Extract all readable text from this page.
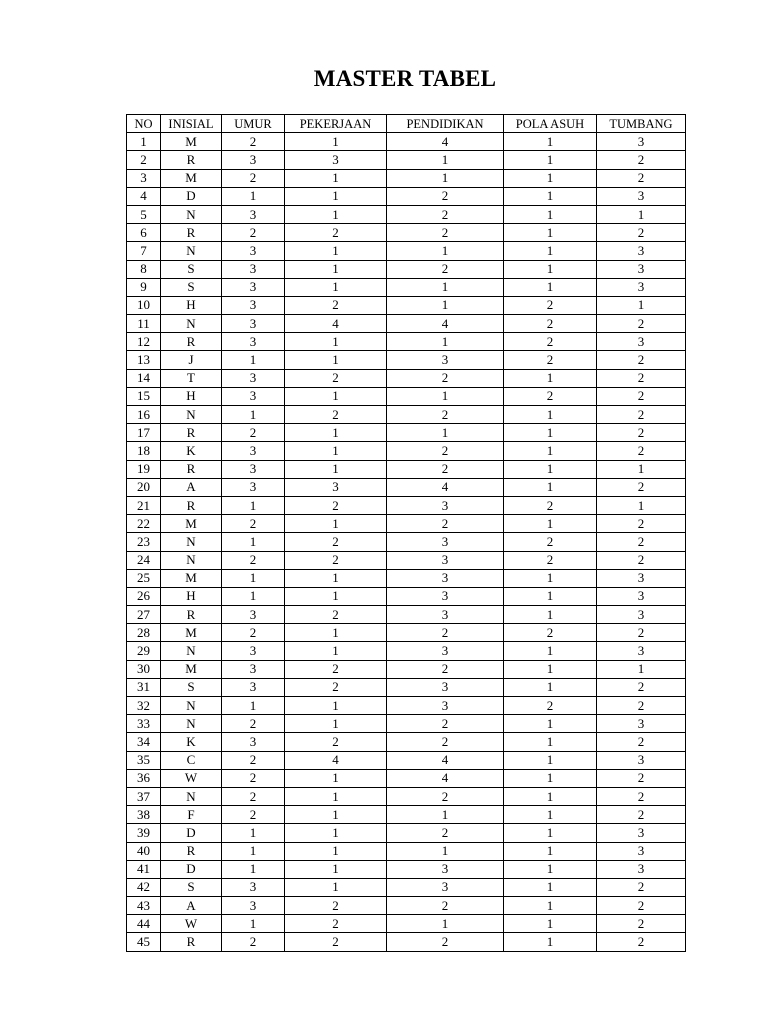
MASTER TABEL
NO	INISIAL	UMUR	PEKERJAAN	PENDIDIKAN	POLA ASUH	TUMBANG
1	M	2	1	4	1	3
2	R	3	3	1	1	2
3	M	2	1	1	1	2
4	D	1	1	2	1	3
5	N	3	1	2	1	1
6	R	2	2	2	1	2
7	N	3	1	1	1	3
8	S	3	1	2	1	3
9	S	3	1	1	1	3
10	H	3	2	1	2	1
11	N	3	4	4	2	2
12	R	3	1	1	2	3
13	J	1	1	3	2	2
14	T	3	2	2	1	2
15	H	3	1	1	2	2
16	N	1	2	2	1	2
17	R	2	1	1	1	2
18	K	3	1	2	1	2
19	R	3	1	2	1	1
20	A	3	3	4	1	2
21	R	1	2	3	2	1
22	M	2	1	2	1	2
23	N	1	2	3	2	2
24	N	2	2	3	2	2
25	M	1	1	3	1	3
26	H	1	1	3	1	3
27	R	3	2	3	1	3
28	M	2	1	2	2	2
29	N	3	1	3	1	3
30	M	3	2	2	1	1
31	S	3	2	3	1	2
32	N	1	1	3	2	2
33	N	2	1	2	1	3
34	K	3	2	2	1	2
35	C	2	4	4	1	3
36	W	2	1	4	1	2
37	N	2	1	2	1	2
38	F	2	1	1	1	2
39	D	1	1	2	1	3
40	R	1	1	1	1	3
41	D	1	1	3	1	3
42	S	3	1	3	1	2
43	A	3	2	2	1	2
44	W	1	2	1	1	2
45	R	2	2	2	1	2
